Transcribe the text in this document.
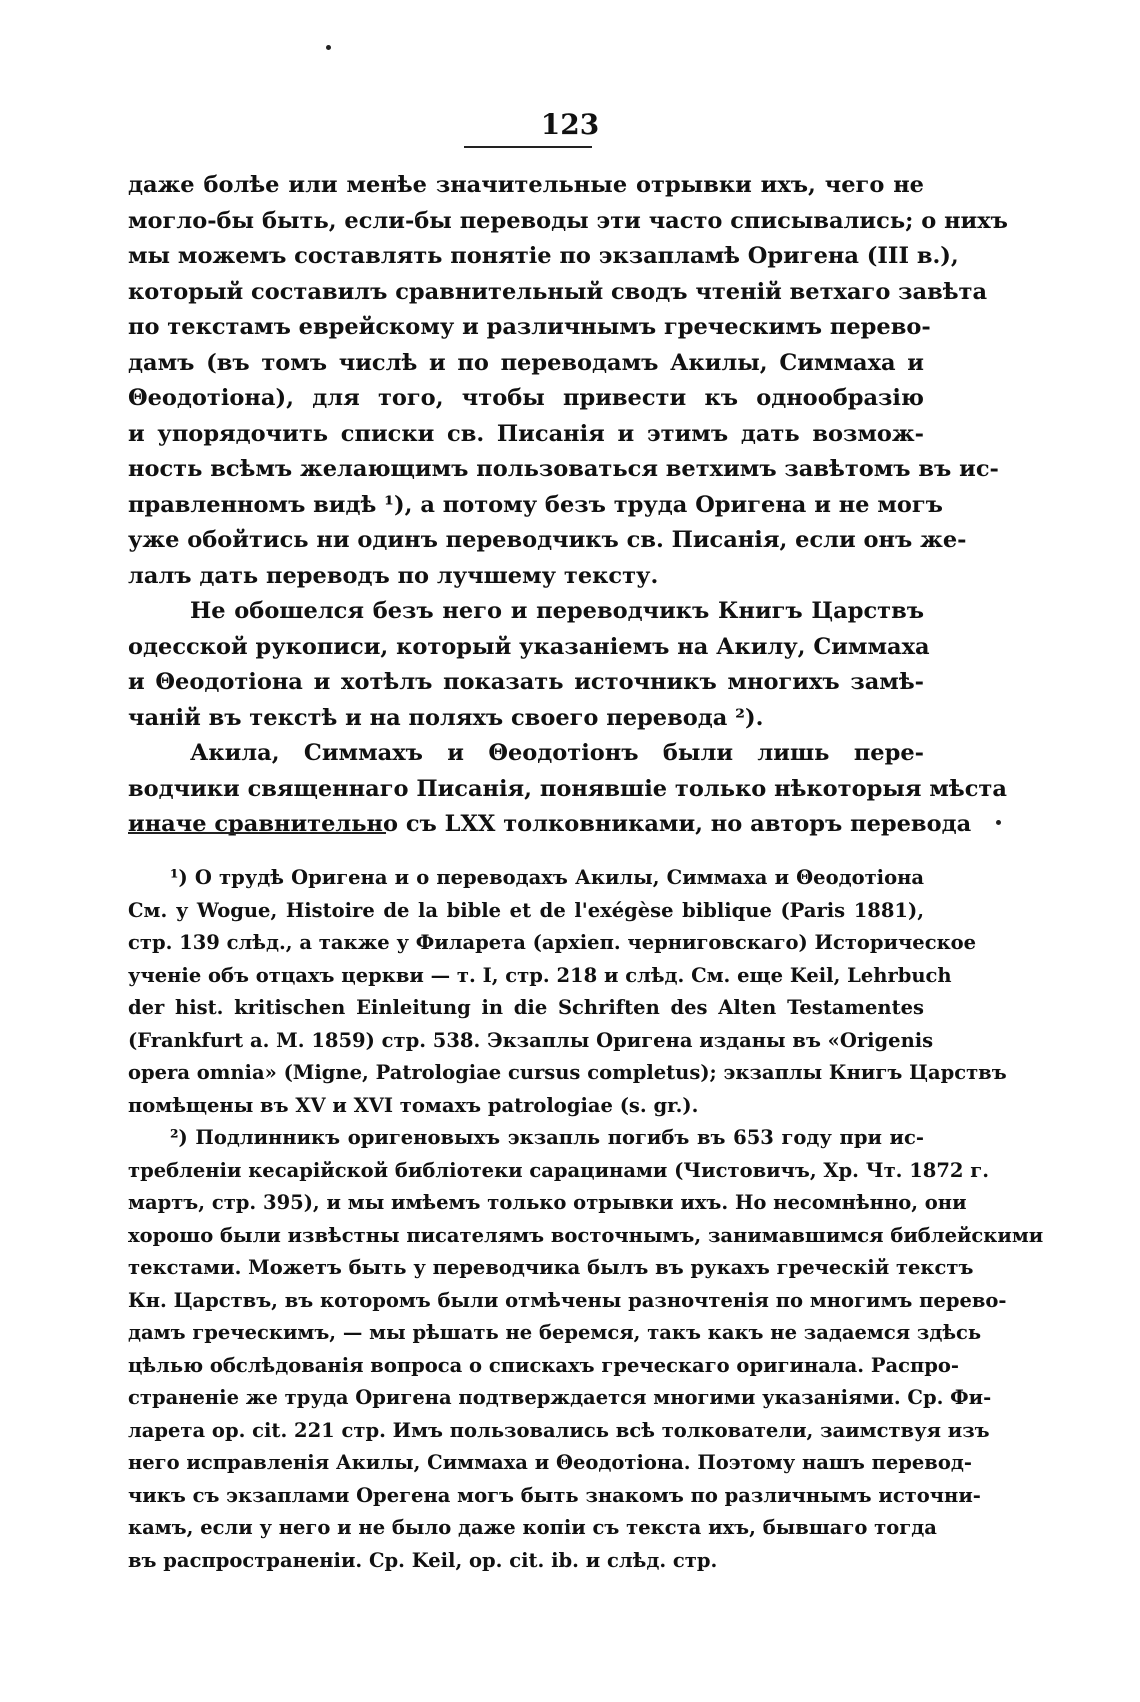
123
даже болѣе или менѣе значительные отрывки ихъ, чего не
могло-бы быть, если-бы переводы эти часто списывались; о нихъ
мы можемъ составлять понятіе по экзапламѣ Оригена (III в.),
который составилъ сравнительный сводъ чтеній ветхаго завѣта
по текстамъ еврейскому и различнымъ греческимъ перево-
дамъ (въ томъ числѣ и по переводамъ Акилы, Симмаха и
Θеодотіона), для того, чтобы привести къ однообразію
и упорядочить списки св. Писанія и этимъ дать возмож-
ность всѣмъ желающимъ пользоваться ветхимъ завѣтомъ въ ис-
правленномъ видѣ ¹), а потому безъ труда Оригена и не могъ
уже обойтись ни одинъ переводчикъ св. Писанія, если онъ же-
лалъ дать переводъ по лучшему тексту.
Не обошелся безъ него и переводчикъ Книгъ Царствъ
одесской рукописи, который указаніемъ на Акилу, Симмаха
и Θеодотіона и хотѣлъ показать источникъ многихъ замѣ-
чаній въ текстѣ и на поляхъ своего перевода ²).
Акила, Симмахъ и Θеодотіонъ были лишь пере-
водчики священнаго Писанія, понявшіе только нѣкоторыя мѣста
иначе сравнительно съ LXX толковниками, но авторъ перевода
¹) О трудѣ Оригена и о переводахъ Акилы, Симмаха и Θеодотіона
См. у Wogue, Histoire de la bible et de l'exégèse biblique (Paris 1881),
стр. 139 слѣд., а также у Филарета (архіеп. черниговскаго) Историческое
ученіе объ отцахъ церкви — т. I, стр. 218 и слѣд. См. еще Keil, Lehrbuch
der hist. kritischen Einleitung in die Schriften des Alten Testamentes
(Frankfurt a. M. 1859) стр. 538. Экзаплы Оригена изданы въ «Origenis
opera omnia» (Migne, Patrologiae cursus completus); экзаплы Книгъ Царствъ
помѣщены въ XV и XVI томахъ patrologiae (s. gr.).
²) Подлинникъ оригеновыхъ экзапль погибъ въ 653 году при ис-
требленіи кесарійской библіотеки сарацинами (Чистовичъ, Хр. Чт. 1872 г.
мартъ, стр. 395), и мы имѣемъ только отрывки ихъ. Но несомнѣнно, они
хорошо были извѣстны писателямъ восточнымъ, занимавшимся библейскими
текстами. Можетъ быть у переводчика былъ въ рукахъ греческій текстъ
Кн. Царствъ, въ которомъ были отмѣчены разночтенія по многимъ перево-
дамъ греческимъ, — мы рѣшать не беремся, такъ какъ не задаемся здѣсь
цѣлью обслѣдованія вопроса о спискахъ греческаго оригинала. Распро-
страненіе же труда Оригена подтверждается многими указаніями. Ср. Фи-
ларета op. cit. 221 стр. Имъ пользовались всѣ толкователи, заимствуя изъ
него исправленія Акилы, Симмаха и Θеодотіона. Поэтому нашъ перевод-
чикъ съ экзаплами Орегена могъ быть знакомъ по различнымъ источни-
камъ, если у него и не было даже копіи съ текста ихъ, бывшаго тогда
въ распространеніи. Ср. Keil, op. cit. ib. и слѣд. стр.
